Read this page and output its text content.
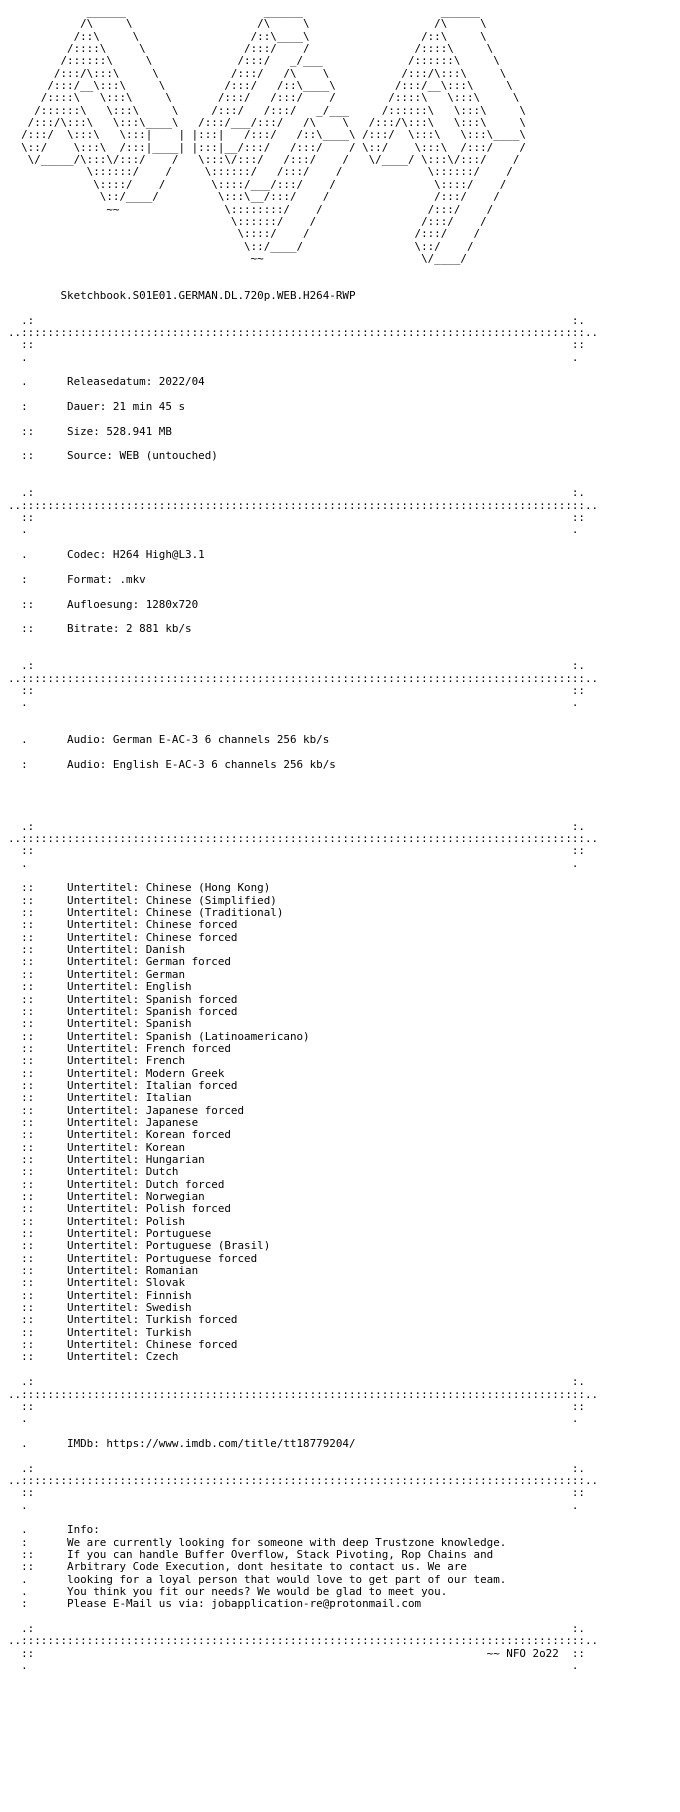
______                     ______                     ______
/\     \                   /\     \                   /\     \
/::\     \                 /::\____\                 /::\     \
/::::\     \               /:::/    /                /::::\     \
/::::::\     \             /:::/   _/___             /::::::\     \
/:::/\:::\     \           /:::/   /\    \           /:::/\:::\     \
/:::/__\:::\     \         /:::/   /::\____\         /:::/__\:::\     \
/::::\   \:::\     \       /:::/   /:::/    /        /::::\   \:::\     \
/::::::\   \:::\     \     /:::/   /:::/   _/___     /::::::\   \:::\     \
/:::/\:::\   \:::\____\   /:::/___/:::/   /\    \   /:::/\:::\   \:::\     \
/:::/  \:::\   \:::|    | |:::|   /:::/   /::\____\ /:::/  \:::\   \:::\____\
\::/    \:::\  /:::|____| |:::|__/:::/   /:::/    / \::/    \:::\  /:::/    /
\/_____/\:::\/:::/    /   \:::\/:::/   /:::/    /   \/____/ \:::\/:::/    /
\::::::/    /     \::::::/   /:::/    /             \::::::/    /
\::::/    /       \::::/___/:::/    /               \::::/    /
\::/____/         \:::\__/:::/    /                /:::/    /
~~                \::::::::/    /                /:::/    /
\::::::/    /                /:::/    /
\::::/    /                /:::/    /
\::/____/                 \::/    /
~~                        \/____/

Sketchbook.S01E01.GERMAN.DL.720p.WEB.H264-RWP

.:                                                                                  :.
..::::::::::::::::::::::::::::::::::::::::::::::::::::::::::::::::::::::::::::::::::::::..
::                                                                                  ::
.                                                                                   .

.      Releasedatum: 2022/04

:      Dauer: 21 min 45 s

::     Size: 528.941 MB

::     Source: WEB (untouched)

.:                                                                                  :.
..::::::::::::::::::::::::::::::::::::::::::::::::::::::::::::::::::::::::::::::::::::::..
::                                                                                  ::
.                                                                                   .

.      Codec: H264 High@L3.1

:      Format: .mkv

::     Aufloesung: 1280x720

::     Bitrate: 2 881 kb/s

.:                                                                                  :.
..::::::::::::::::::::::::::::::::::::::::::::::::::::::::::::::::::::::::::::::::::::::..
::                                                                                  ::
.                                                                                   .

.      Audio: German E-AC-3 6 channels 256 kb/s

:      Audio: English E-AC-3 6 channels 256 kb/s

.:                                                                                  :.
..::::::::::::::::::::::::::::::::::::::::::::::::::::::::::::::::::::::::::::::::::::::..
::                                                                                  ::
.                                                                                   .

::     Untertitel: Chinese (Hong Kong)
::     Untertitel: Chinese (Simplified)
::     Untertitel: Chinese (Traditional)
::     Untertitel: Chinese forced
::     Untertitel: Chinese forced
::     Untertitel: Danish
::     Untertitel: German forced
::     Untertitel: German
::     Untertitel: English
::     Untertitel: Spanish forced
::     Untertitel: Spanish forced
::     Untertitel: Spanish
::     Untertitel: Spanish (Latinoamericano)
::     Untertitel: French forced
::     Untertitel: French
::     Untertitel: Modern Greek
::     Untertitel: Italian forced
::     Untertitel: Italian
::     Untertitel: Japanese forced
::     Untertitel: Japanese
::     Untertitel: Korean forced
::     Untertitel: Korean
::     Untertitel: Hungarian
::     Untertitel: Dutch
::     Untertitel: Dutch forced
::     Untertitel: Norwegian
::     Untertitel: Polish forced
::     Untertitel: Polish
::     Untertitel: Portuguese
::     Untertitel: Portuguese (Brasil)
::     Untertitel: Portuguese forced
::     Untertitel: Romanian
::     Untertitel: Slovak
::     Untertitel: Finnish
::     Untertitel: Swedish
::     Untertitel: Turkish forced
::     Untertitel: Turkish
::     Untertitel: Chinese forced
::     Untertitel: Czech

.:                                                                                  :.
..::::::::::::::::::::::::::::::::::::::::::::::::::::::::::::::::::::::::::::::::::::::..
::                                                                                  ::
.                                                                                   .

.      IMDb: https://www.imdb.com/title/tt18779204/

.:                                                                                  :.
..::::::::::::::::::::::::::::::::::::::::::::::::::::::::::::::::::::::::::::::::::::::..
::                                                                                  ::
.                                                                                   .

.      Info:
:      We are currently looking for someone with deep Trustzone knowledge.
::     If you can handle Buffer Overflow, Stack Pivoting, Rop Chains and
::     Arbitrary Code Execution, dont hesitate to contact us. We are
.      looking for a loyal person that would love to get part of our team.
.      You think you fit our needs? We would be glad to meet you.
:      Please E-Mail us via: jobapplication-re@protonmail.com

.:                                                                                  :.
..::::::::::::::::::::::::::::::::::::::::::::::::::::::::::::::::::::::::::::::::::::::..
::                                                                     ~~ NFO 2o22  ::
.                                                                                   .
